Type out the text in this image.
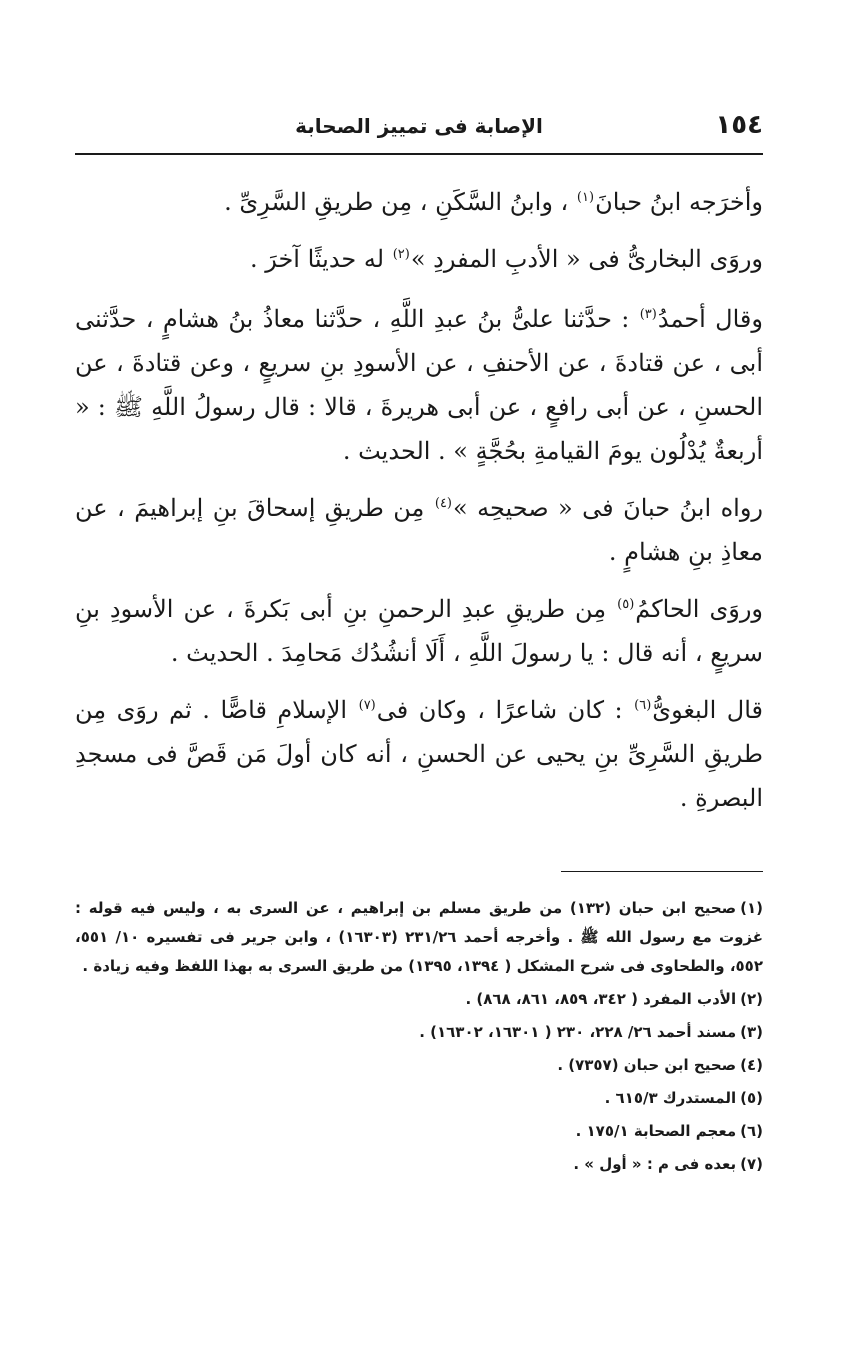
١٥٤
الإصابة فى تمييز الصحابة

وأخرَجه ابنُ حبانَ$^{(١)}$ ، وابنُ السَّكَنِ ، مِن طريقِ السَّرِىِّ .

وروَى البخارىُّ فى « الأدبِ المفردِ »$^{(٢)}$ له حديثًا آخرَ .

وقال أحمدُ$^{(٣)}$ : حدَّثنا علىُّ بنُ عبدِ اللَّهِ ، حدَّثنا معاذُ بنُ هشامٍ ، حدَّثنى أبى ، عن قتادةَ ، عن الأحنفِ ، عن الأسودِ بنِ سريعٍ ، وعن قتادةَ ، عن الحسنِ ، عن أبى رافعٍ ، عن أبى هريرةَ ، قالا : قال رسولُ اللَّهِ ﷺ : « أربعةٌ يُدْلُون يومَ القيامةِ بحُجَّةٍ » . الحديث .

رواه ابنُ حبانَ فى « صحيحِه »$^{(٤)}$ مِن طريقِ إسحاقَ بنِ إبراهيمَ ، عن معاذِ بنِ هشامٍ .

وروَى الحاكمُ$^{(٥)}$ مِن طريقِ عبدِ الرحمنِ بنِ أبى بَكرةَ ، عن الأسودِ بنِ سريعٍ ، أنه قال : يا رسولَ اللَّهِ ، أَلَا أنشُدُك مَحامِدَ . الحديث .

قال البغوىُّ$^{(٦)}$ : كان شاعرًا ، وكان فى$^{(٧)}$ الإسلامِ قاصًّا . ثم روَى مِن طريقِ السَّرِىِّ بنِ يحيى عن الحسنِ ، أنه كان أولَ مَن قَصَّ فى مسجدِ البصرةِ .

(١)صحيح ابن حبان (١٣٢) من طريق مسلم بن إبراهيم ، عن السرى به ، وليس فيه قوله : غزوت مع رسول الله ﷺ . وأخرجه أحمد ٢٣١/٢٦ (١٦٣٠٣) ، وابن جرير فى تفسيره ١٠/ ٥٥١، ٥٥٢، والطحاوى فى شرح المشكل ( ١٣٩٤، ١٣٩٥) من طريق السرى به بهذا اللفظ وفيه زيادة .

(٢)الأدب المفرد ( ٣٤٢، ٨٥٩، ٨٦١، ٨٦٨) .

(٣)مسند أحمد ٢٦/ ٢٢٨، ٢٣٠ ( ١٦٣٠١، ١٦٣٠٢) .

(٤)صحيح ابن حبان (٧٣٥٧) .

(٥)المستدرك ٦١٥/٣ .

(٦)معجم الصحابة ١٧٥/١ .

(٧)بعده فى م : « أول » .
